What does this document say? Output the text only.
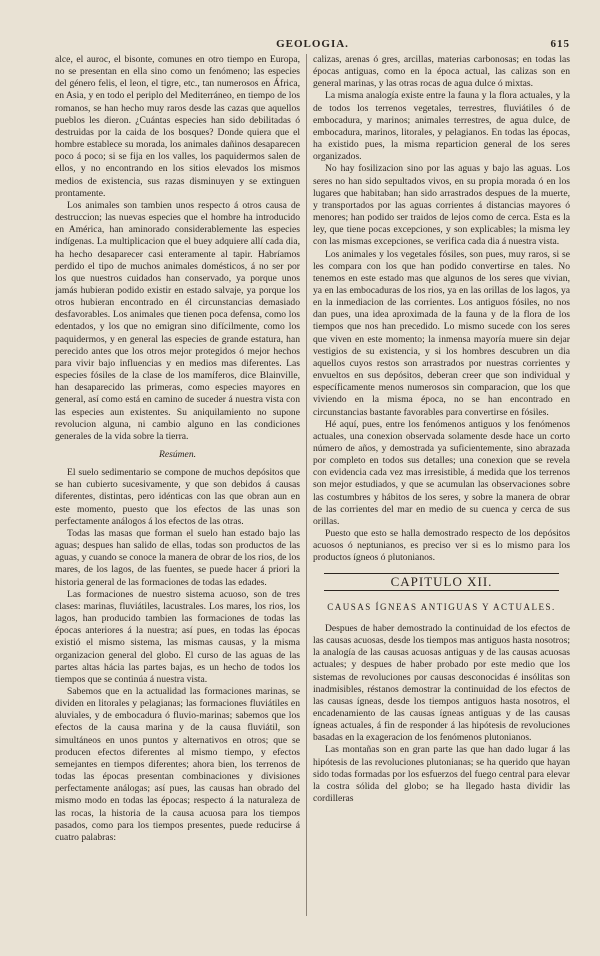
GEOLOGIA.	615

alce, el auroc, el bisonte, comunes en otro tiempo en Europa, no se presentan en ella sino como un fenómeno; las especies del género felis, el leon, el tigre, etc., tan numerosos en África, en Asia, y en todo el periplo del Mediterráneo, en tiempo de los romanos, se han hecho muy raros desde las cazas que aquellos pueblos les dieron. ¿Cuántas especies han sido debilitadas ó destruidas por la caida de los bosques? Donde quiera que el hombre establece su morada, los animales dañinos desaparecen poco á poco; si se fija en los valles, los paquidermos salen de ellos, y no encontrando en los sitios elevados los mismos medios de existencia, sus razas disminuyen y se extinguen prontamente.

Los animales son tambien unos respecto á otros causa de destruccion; las nuevas especies que el hombre ha introducido en América, han aminorado considerablemente las especies indígenas. La multiplicacion que el buey adquiere allí cada dia, ha hecho desaparecer casi enteramente al tapir. Habríamos perdido el tipo de muchos animales domésticos, á no ser por los que nuestros cuidados han conservado, ya porque unos jamás hubieran podido existir en estado salvaje, ya porque los otros hubieran encontrado en él circunstancias demasiado desfavorables. Los animales que tienen poca defensa, como los edentados, y los que no emigran sino difícilmente, como los paquidermos, y en general las especies de grande estatura, han perecido antes que los otros mejor protegidos ó mejor hechos para vivir bajo influencias y en medios mas diferentes. Las especies fósiles de la clase de los mamíferos, dice Blainville, han desaparecido las primeras, como especies mayores en general, así como está en camino de suceder á nuestra vista con las especies aun existentes. Su aniquilamiento no supone revolucion alguna, ni cambio alguno en las condiciones generales de la vida sobre la tierra.

Resúmen.

El suelo sedimentario se compone de muchos depósitos que se han cubierto sucesivamente, y que son debidos á causas diferentes, distintas, pero idénticas con las que obran aun en este momento, puesto que los efectos de las unas son perfectamente análogos á los efectos de las otras.

Todas las masas que forman el suelo han estado bajo las aguas; despues han salido de ellas, todas son productos de las aguas, y cuando se conoce la manera de obrar de los rios, de los mares, de los lagos, de las fuentes, se puede hacer á priori la historia general de las formaciones de todas las edades.

Las formaciones de nuestro sistema acuoso, son de tres clases: marinas, fluviátiles, lacustrales. Los mares, los rios, los lagos, han producido tambien las formaciones de todas las épocas anteriores á la nuestra; así pues, en todas las épocas existió el mismo sistema, las mismas causas, y la misma organizacion general del globo. El curso de las aguas de las partes altas hácia las partes bajas, es un hecho de todos los tiempos que se continúa á nuestra vista.

Sabemos que en la actualidad las formaciones marinas, se dividen en litorales y pelagianas; las formaciones fluviátiles en aluviales, y de embocadura ó fluvio-marinas; sabemos que los efectos de la causa marina y de la causa fluviátil, son simultáneos en unos puntos y alternativos en otros; que se producen efectos diferentes al mismo tiempo, y efectos semejantes en tiempos diferentes; ahora bien, los terrenos de todas las épocas presentan combinaciones y divisiones perfectamente análogas; así pues, las causas han obrado del mismo modo en todas las épocas; respecto á la naturaleza de las rocas, la historia de la causa acuosa para los tiempos pasados, como para los tiempos presentes, puede reducirse á cuatro palabras:

calizas, arenas ó gres, arcillas, materias carbonosas; en todas las épocas antiguas, como en la época actual, las calizas son en general marinas, y las otras rocas de agua dulce ó mixtas.

La misma analogía existe entre la fauna y la flora actuales, y la de todos los terrenos vegetales, terrestres, fluviátiles ó de embocadura, y marinos; animales terrestres, de agua dulce, de embocadura, marinos, litorales, y pelagianos. En todas las épocas, ha existido pues, la misma reparticion general de los seres organizados.

No hay fosilizacion sino por las aguas y bajo las aguas. Los seres no han sido sepultados vivos, en su propia morada ó en los lugares que habitaban; han sido arrastrados despues de la muerte, y transportados por las aguas corrientes á distancias mayores ó menores; han podido ser traidos de lejos como de cerca. Esta es la ley, que tiene pocas excepciones, y son explicables; la misma ley con las mismas excepciones, se verifica cada dia á nuestra vista.

Los animales y los vegetales fósiles, son pues, muy raros, si se les compara con los que han podido convertirse en tales. No tenemos en este estado mas que algunos de los seres que vivian, ya en las embocaduras de los rios, ya en las orillas de los lagos, ya en la inmediacion de las corrientes. Los antiguos fósiles, no nos dan pues, una idea aproximada de la fauna y de la flora de los tiempos que nos han precedido. Lo mismo sucede con los seres que viven en este momento; la inmensa mayoría muere sin dejar vestigios de su existencia, y si los hombres descubren un dia aquellos cuyos restos son arrastrados por nuestras corrientes y envueltos en sus depósitos, deberan creer que son individual y específicamente menos numerosos sin comparacion, que los que viviendo en la misma época, no se han encontrado en circunstancias bastante favorables para convertirse en fósiles.

Hé aquí, pues, entre los fenómenos antiguos y los fenómenos actuales, una conexion observada solamente desde hace un corto número de años, y demostrada ya suficientemente, sino abrazada por completo en todos sus detalles; una conexion que se revela con evidencia cada vez mas irresistible, á medida que los terrenos son mejor estudiados, y que se acumulan las observaciones sobre las costumbres y hábitos de los seres, y sobre la manera de obrar de las corrientes del mar en medio de su cuenca y cerca de sus orillas.

Puesto que esto se halla demostrado respecto de los depósitos acuosos ó neptunianos, es preciso ver si es lo mismo para los productos ígneos ó plutonianos.

CAPITULO XII.

CAUSAS ÍGNEAS ANTIGUAS Y ACTUALES.

Despues de haber demostrado la continuidad de los efectos de las causas acuosas, desde los tiempos mas antiguos hasta nosotros; la analogía de las causas acuosas antiguas y de las causas acuosas actuales; y despues de haber probado por este medio que los sistemas de revoluciones por causas desconocidas é insólitas son inadmisibles, réstanos demostrar la continuidad de los efectos de las causas ígneas, desde los tiempos antiguos hasta nosotros, el encadenamiento de las causas ígneas antiguas y de las causas ígneas actuales, á fin de responder á las hipótesis de revoluciones basadas en la exageracion de los fenómenos plutonianos.

Las montañas son en gran parte las que han dado lugar á las hipótesis de las revoluciones plutonianas; se ha querido que hayan sido todas formadas por los esfuerzos del fuego central para elevar la costra sólida del globo; se ha llegado hasta dividir las cordilleras
